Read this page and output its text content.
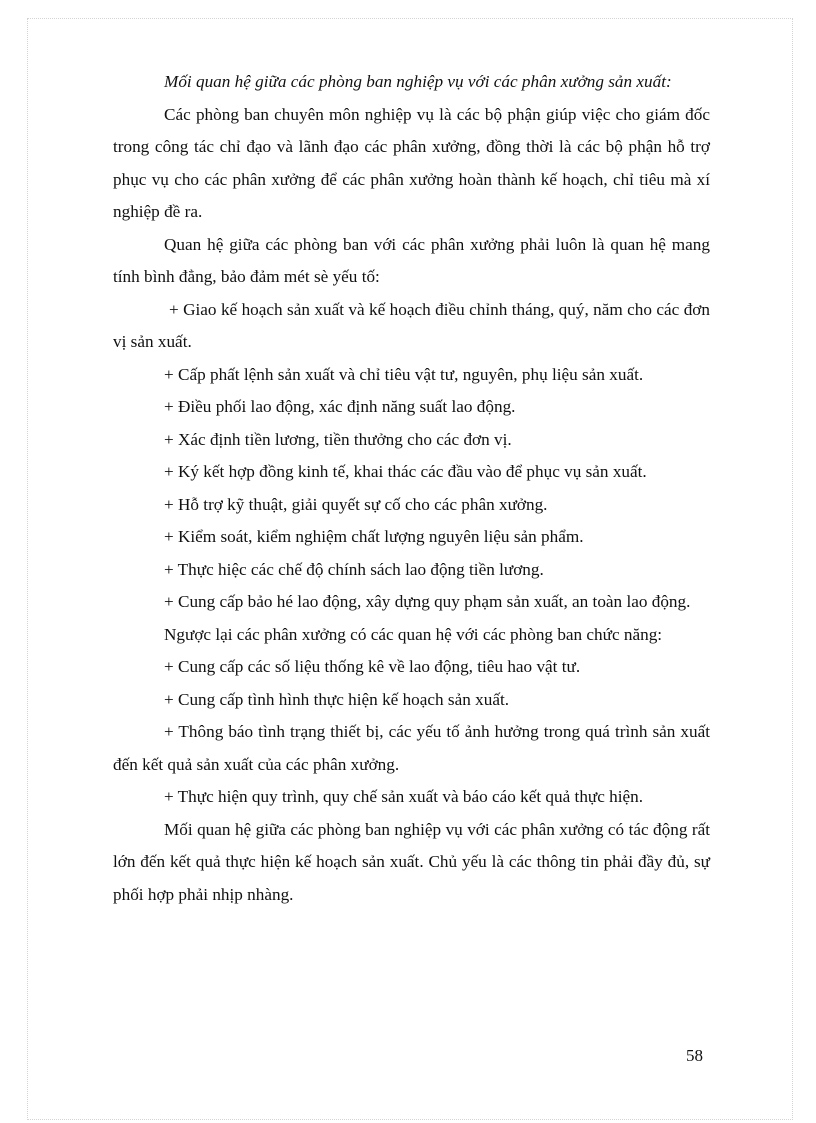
Mối quan hệ giữa các phòng ban nghiệp vụ với các phân xưởng sản xuất:

Các phòng ban chuyên môn nghiệp vụ là các bộ phận giúp việc cho giám đốc trong công tác chỉ đạo và lãnh đạo các phân xưởng, đồng thời là các bộ phận hỗ trợ phục vụ cho các phân xưởng để các phân xưởng hoàn thành kế hoạch, chỉ tiêu mà xí nghiệp đề ra.

Quan hệ giữa các phòng ban với các phân xưởng phải luôn là quan hệ mang tính bình đẳng, bảo đảm mét sè yếu tố:

+ Giao kế hoạch sản xuất và kế hoạch điều chỉnh tháng, quý, năm cho các đơn vị sản xuất.

+ Cấp phất lệnh sản xuất và chỉ tiêu vật tư, nguyên, phụ liệu sản xuất.

+ Điều phối lao động, xác định năng suất lao động.

+ Xác định tiền lương, tiền thưởng cho các đơn vị.

+ Ký kết hợp đồng kinh tế, khai thác các đầu vào để phục vụ sản xuất.

+ Hỗ trợ kỹ thuật, giải quyết sự cố cho các phân xưởng.

+ Kiểm soát, kiểm nghiệm chất lượng nguyên liệu sản phẩm.

+ Thực hiệc các chế độ chính sách lao động tiền lương.

+ Cung cấp bảo hé lao động, xây dựng quy phạm sản xuất, an toàn lao động.

Ngược lại các phân xưởng có các quan hệ với các phòng ban chức năng:

+ Cung cấp các số liệu thống kê về lao động, tiêu hao vật tư.

+ Cung cấp tình hình thực hiện kế hoạch sản xuất.

+ Thông báo tình trạng thiết bị, các yếu tố ảnh hưởng trong quá trình sản xuất đến kết quả sản xuất của các phân xưởng.

+ Thực hiện quy trình, quy chế sản xuất và báo cáo kết quả thực hiện.

Mối quan hệ giữa các phòng ban nghiệp vụ với các phân xưởng có tác động rất lớn đến kết quả thực hiện kế hoạch sản xuất. Chủ yếu là các thông tin phải đầy đủ, sự phối hợp phải nhịp nhàng.

58
